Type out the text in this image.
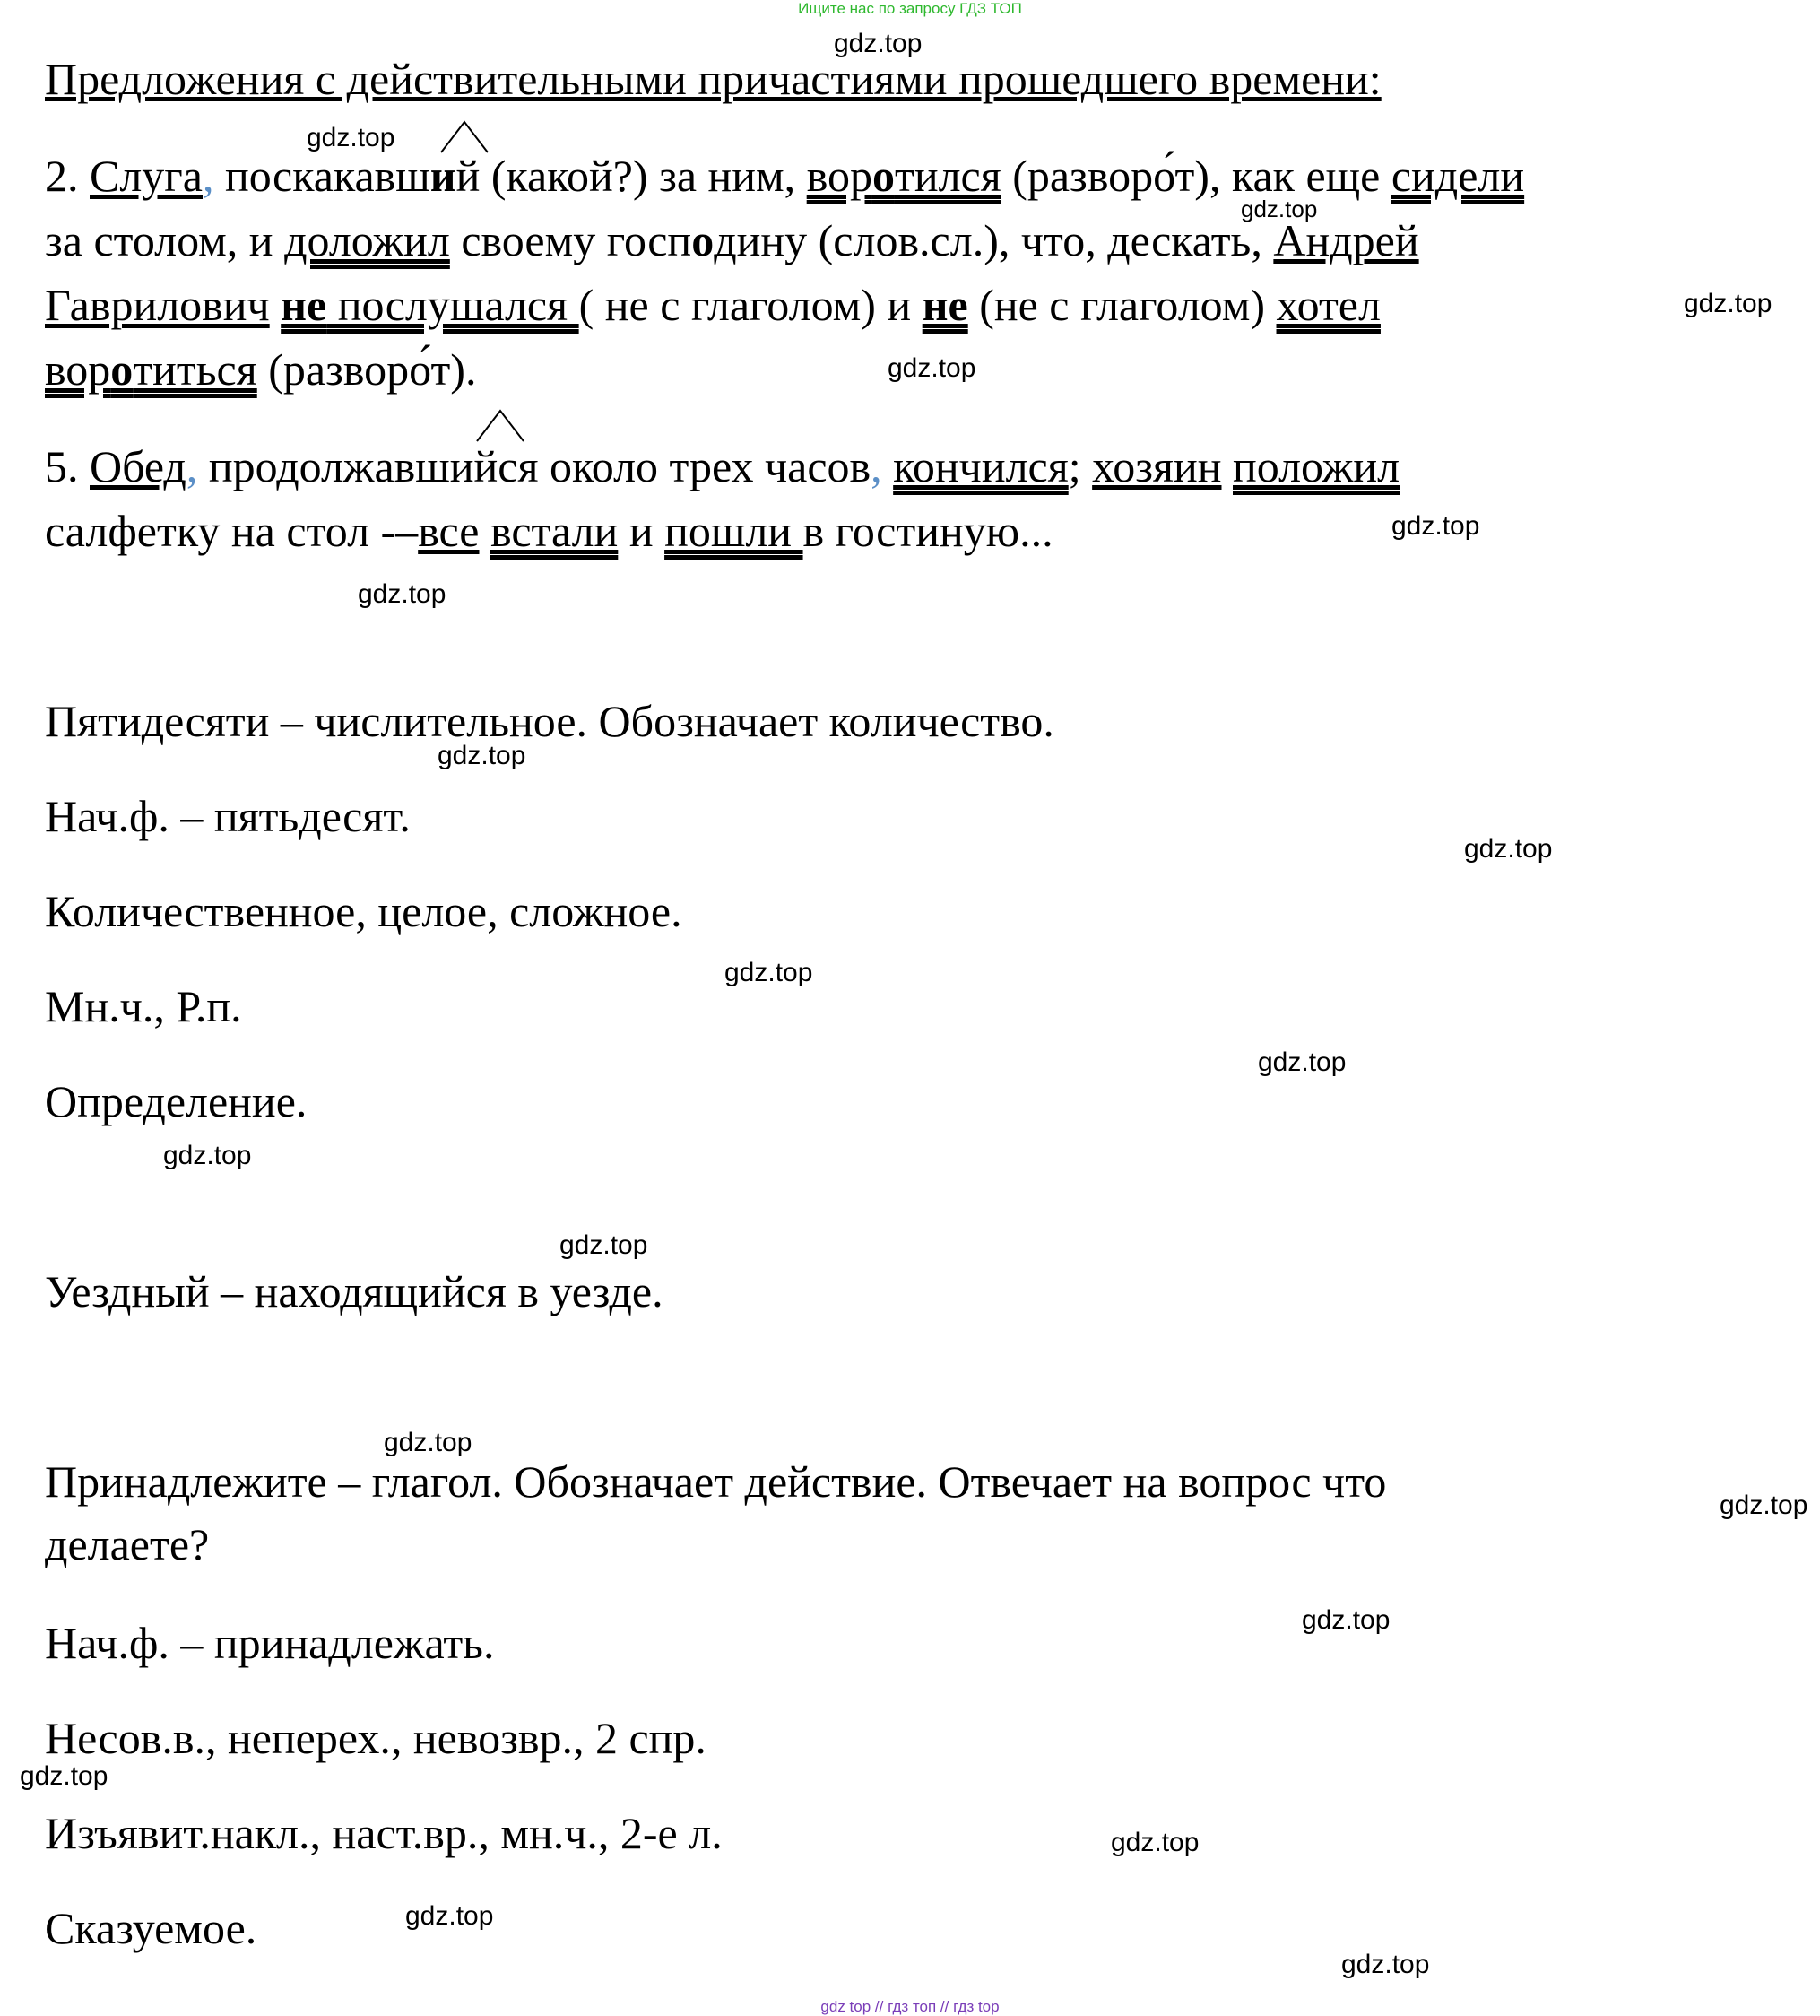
Ищите нас по запросу ГДЗ ТОП
Предложения с действительными причастиями прошедшего времени:
2. Слуга, поскакавший (какой?) за ним, воротился (разворо́т), как еще сидели
за столом, и доложил своему господину (слов.сл.), что, дескать, Андрей
Гаврилович не послушался ( не с глаголом) и не (не с глаголом) хотел
воротиться (разворо́т).
5. Обед, продолжавшийся около трех часов, кончился; хозяин положил
салфетку на стол -–все встали и пошли в гостиную...
Пятидесяти – числительное. Обозначает количество.
Нач.ф. – пятьдесят.
Количественное, целое, сложное.
Мн.ч., Р.п.
Определение.
Уездный – находящийся в уезде.
Принадлежите – глагол. Обозначает действие. Отвечает на вопрос что
делаете?
Нач.ф. – принадлежать.
Несов.в., неперех., невозвр., 2 спр.
Изъявит.накл., наст.вр., мн.ч., 2-е л.
Сказуемое.
gdz.top
gdz.top
gdz.top
gdz.top
gdz.top
gdz.top
gdz.top
gdz.top
gdz.top
gdz.top
gdz.top
gdz.top
gdz.top
gdz.top
gdz.top
gdz.top
gdz.top
gdz.top
gdz.top
gdz.top
gdz top // гдз топ // гдз top
